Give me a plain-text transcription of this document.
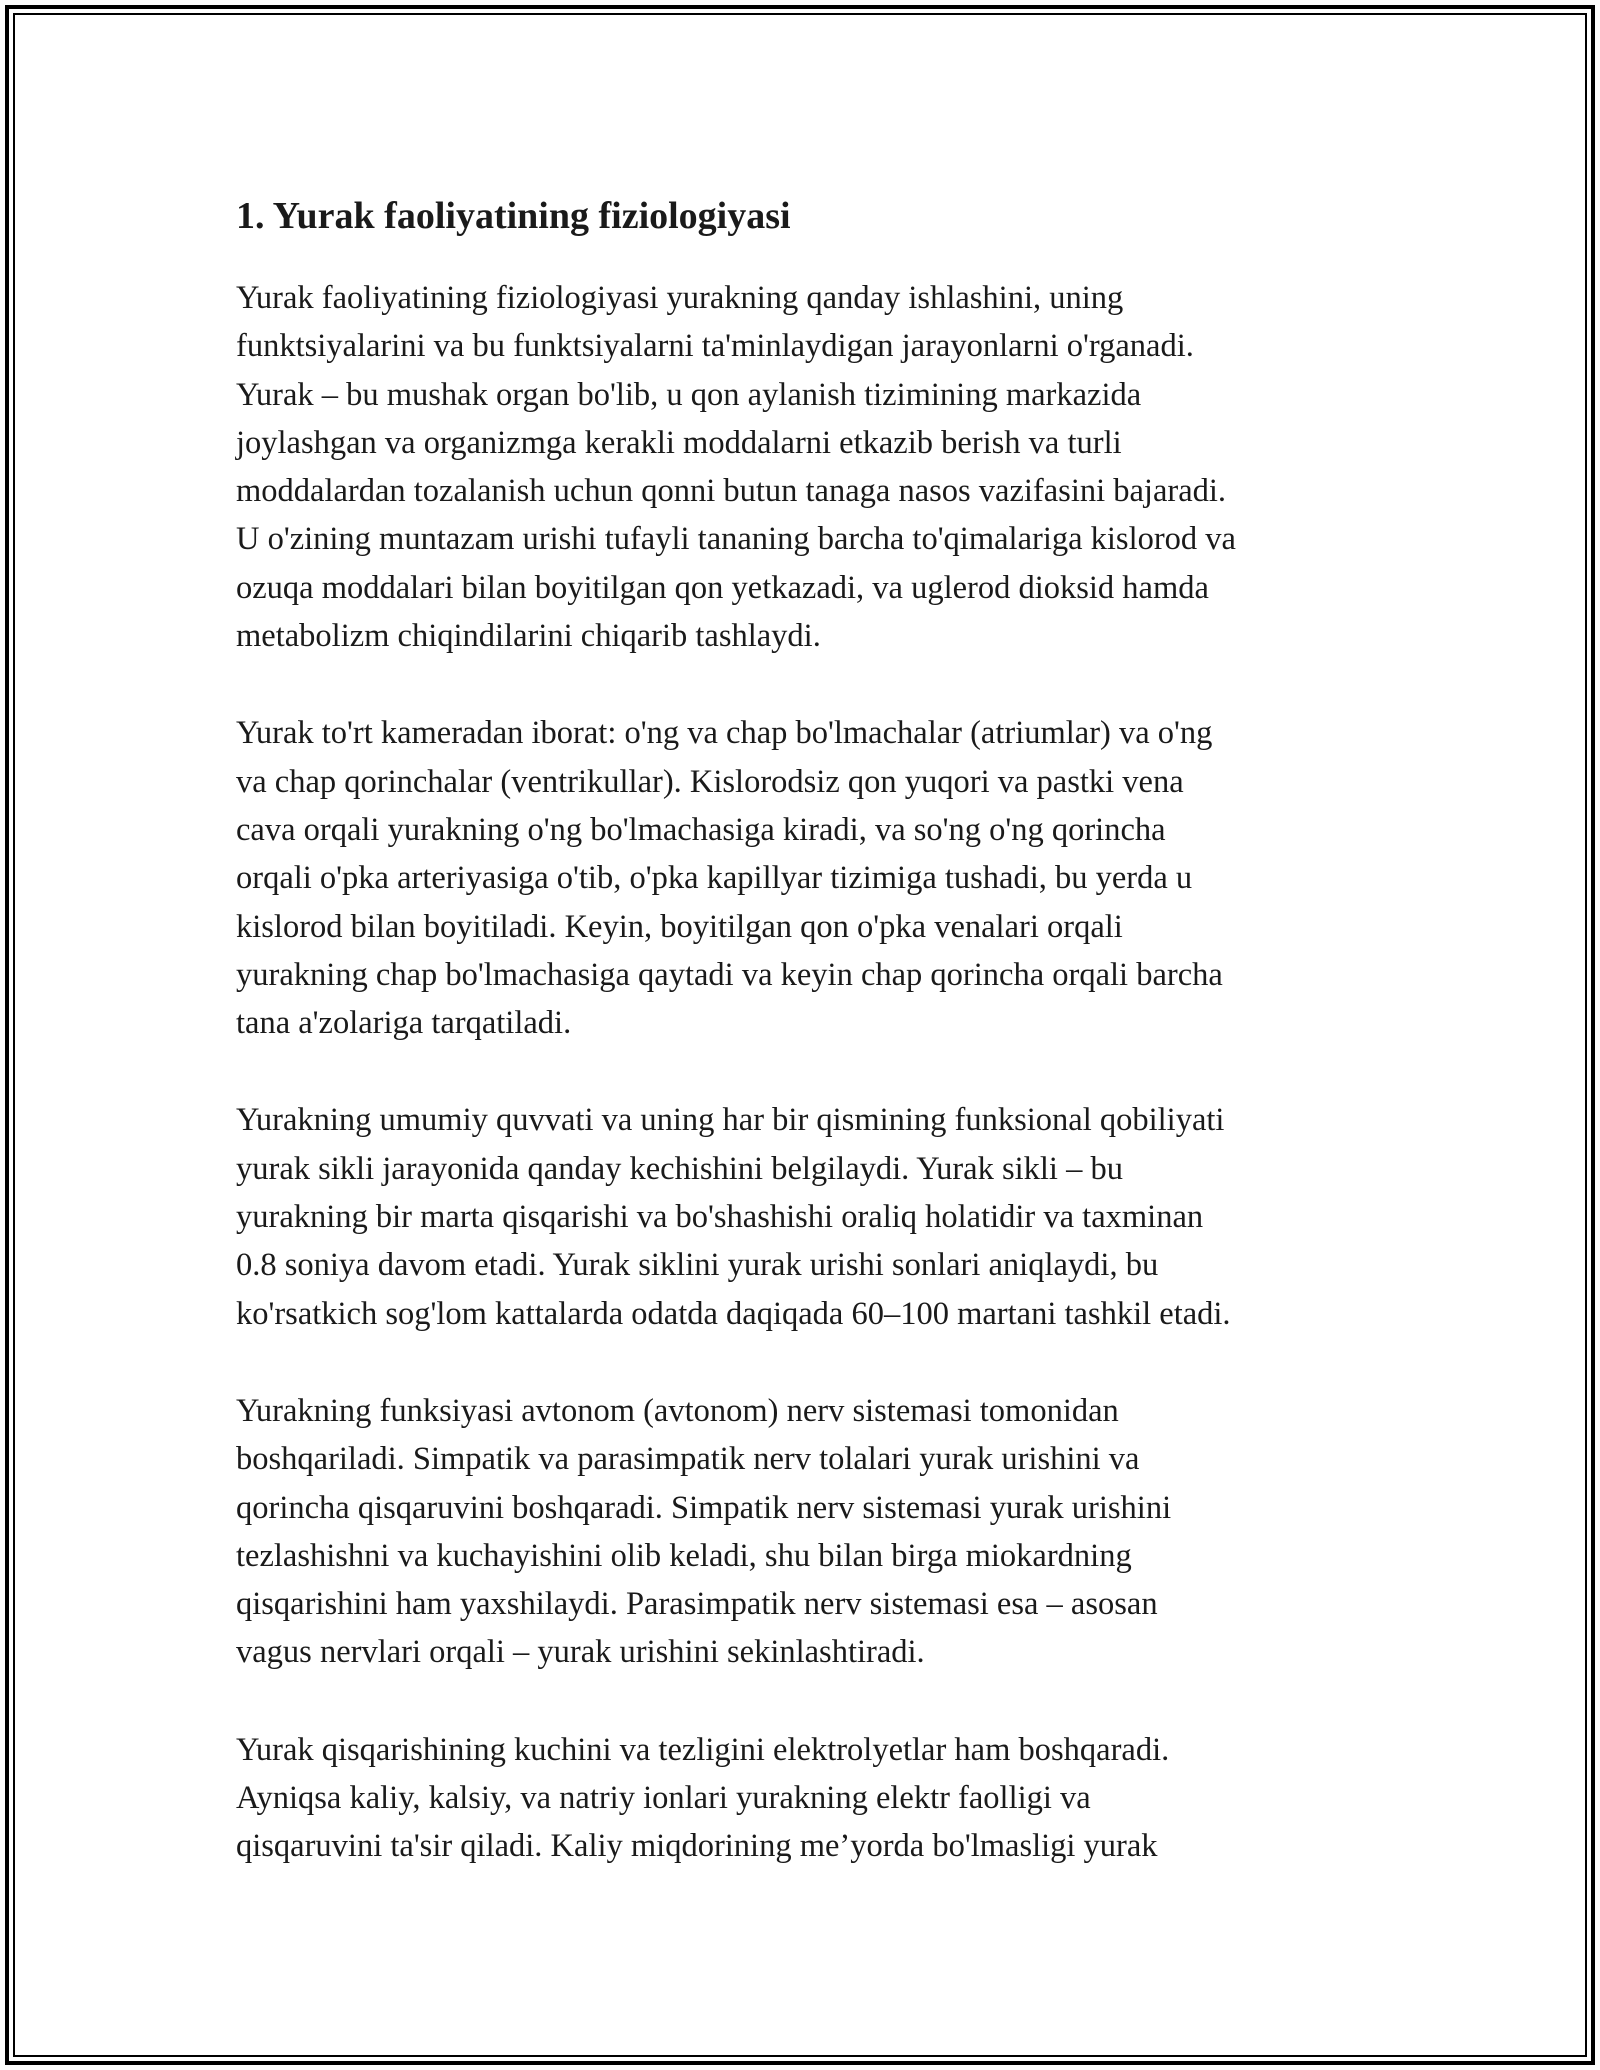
1. Yurak faoliyatining fiziologiyasi

Yurak faoliyatining fiziologiyasi yurakning qanday ishlashini, uning
funktsiyalarini va bu funktsiyalarni ta'minlaydigan jarayonlarni o'rganadi.
Yurak – bu mushak organ bo'lib, u qon aylanish tizimining markazida
joylashgan va organizmga kerakli moddalarni etkazib berish va turli
moddalardan tozalanish uchun qonni butun tanaga nasos vazifasini bajaradi.
U o'zining muntazam urishi tufayli tananing barcha to'qimalariga kislorod va
ozuqa moddalari bilan boyitilgan qon yetkazadi, va uglerod dioksid hamda
metabolizm chiqindilarini chiqarib tashlaydi.

Yurak to'rt kameradan iborat: o'ng va chap bo'lmachalar (atriumlar) va o'ng
va chap qorinchalar (ventrikullar). Kislorodsiz qon yuqori va pastki vena
cava orqali yurakning o'ng bo'lmachasiga kiradi, va so'ng o'ng qorincha
orqali o'pka arteriyasiga o'tib, o'pka kapillyar tizimiga tushadi, bu yerda u
kislorod bilan boyitiladi. Keyin, boyitilgan qon o'pka venalari orqali
yurakning chap bo'lmachasiga qaytadi va keyin chap qorincha orqali barcha
tana a'zolariga tarqatiladi.

Yurakning umumiy quvvati va uning har bir qismining funksional qobiliyati
yurak sikli jarayonida qanday kechishini belgilaydi. Yurak sikli – bu
yurakning bir marta qisqarishi va bo'shashishi oraliq holatidir va taxminan
0.8 soniya davom etadi. Yurak siklini yurak urishi sonlari aniqlaydi, bu
ko'rsatkich sog'lom kattalarda odatda daqiqada 60–100 martani tashkil etadi.

Yurakning funksiyasi avtonom (avtonom) nerv sistemasi tomonidan
boshqariladi. Simpatik va parasimpatik nerv tolalari yurak urishini va
qorincha qisqaruvini boshqaradi. Simpatik nerv sistemasi yurak urishini
tezlashishni va kuchayishini olib keladi, shu bilan birga miokardning
qisqarishini ham yaxshilaydi. Parasimpatik nerv sistemasi esa – asosan
vagus nervlari orqali – yurak urishini sekinlashtiradi.

Yurak qisqarishining kuchini va tezligini elektrolyetlar ham boshqaradi.
Ayniqsa kaliy, kalsiy, va natriy ionlari yurakning elektr faolligi va
qisqaruvini ta'sir qiladi. Kaliy miqdorining me’yorda bo'lmasligi yurak
